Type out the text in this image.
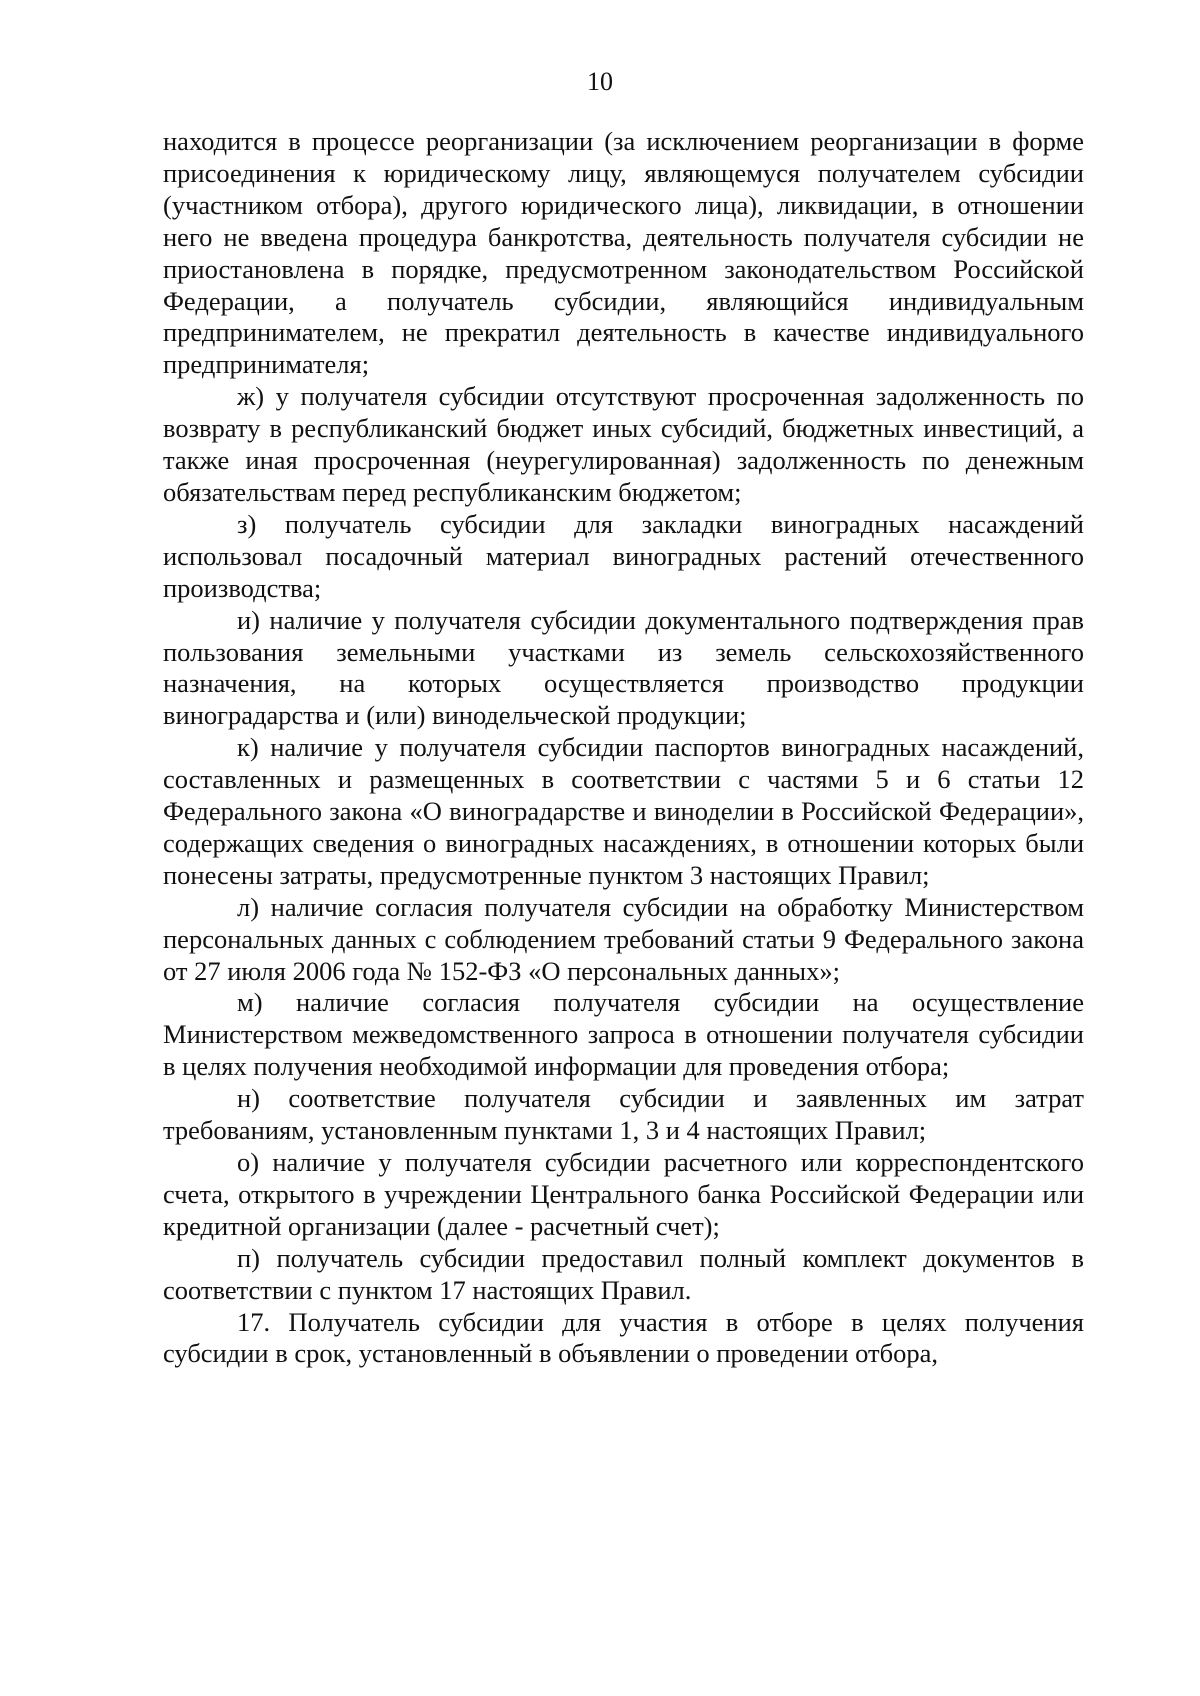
10

находится в процессе реорганизации (за исключением реорганизации в форме присоединения к юридическому лицу, являющемуся получателем субсидии (участником отбора), другого юридического лица), ликвидации, в отношении него не введена процедура банкротства, деятельность получателя субсидии не приостановлена в порядке, предусмотренном законодательством Российской Федерации, а получатель субсидии, являющийся индивидуальным предпринимателем, не прекратил деятельность в качестве индивидуального предпринимателя;

ж) у получателя субсидии отсутствуют просроченная задолженность по возврату в республиканский бюджет иных субсидий, бюджетных инвестиций, а также иная просроченная (неурегулированная) задолженность по денежным обязательствам перед республиканским бюджетом;

з) получатель субсидии для закладки виноградных насаждений использовал посадочный материал виноградных растений отечественного производства;

и) наличие у получателя субсидии документального подтверждения прав пользования земельными участками из земель сельскохозяйственного назначения, на которых осуществляется производство продукции виноградарства и (или) винодельческой продукции;

к) наличие у получателя субсидии паспортов виноградных насаждений, составленных и размещенных в соответствии с частями 5 и 6 статьи 12 Федерального закона «О виноградарстве и виноделии в Российской Федерации», содержащих сведения о виноградных насаждениях, в отношении которых были понесены затраты, предусмотренные пунктом 3 настоящих Правил;

л) наличие согласия получателя субсидии на обработку Министерством персональных данных с соблюдением требований статьи 9 Федерального закона от 27 июля 2006 года № 152-ФЗ «О персональных данных»;

м) наличие согласия получателя субсидии на осуществление Министерством межведомственного запроса в отношении получателя субсидии в целях получения необходимой информации для проведения отбора;

н) соответствие получателя субсидии и заявленных им затрат требованиям, установленным пунктами 1, 3 и 4 настоящих Правил;

о) наличие у получателя субсидии расчетного или корреспондентского счета, открытого в учреждении Центрального банка Российской Федерации или кредитной организации (далее - расчетный счет);

п) получатель субсидии предоставил полный комплект документов в соответствии с пунктом 17 настоящих Правил.

17. Получатель субсидии для участия в отборе в целях получения субсидии в срок, установленный в объявлении о проведении отбора,
